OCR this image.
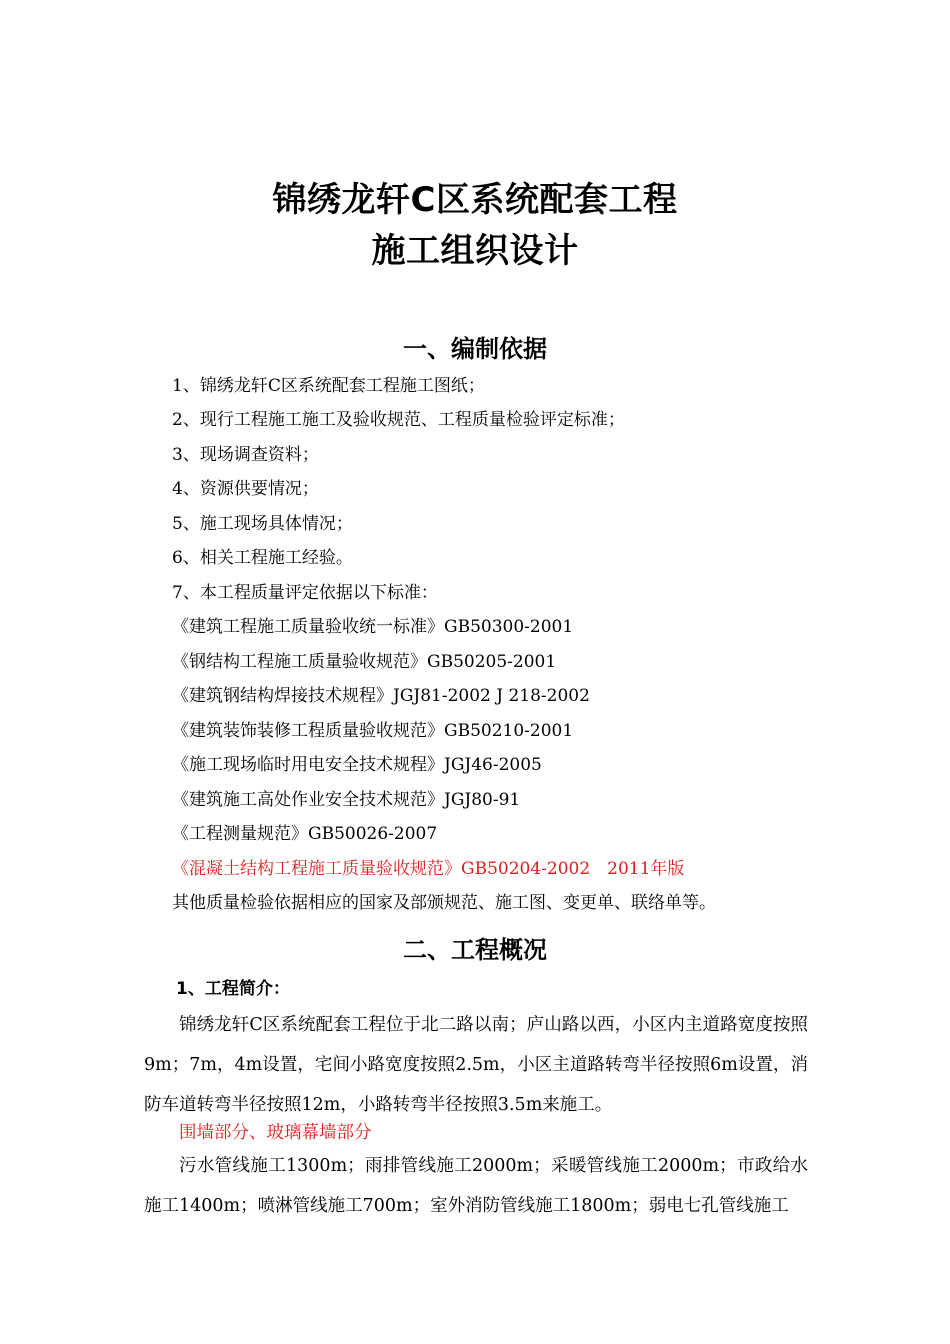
锦绣龙轩C区系统配套工程
施工组织设计
一、编制依据
1、锦绣龙轩C区系统配套工程施工图纸；
2、现行工程施工施工及验收规范、工程质量检验评定标准；
3、现场调查资料；
4、资源供要情况；
5、施工现场具体情况；
6、相关工程施工经验。
7、本工程质量评定依据以下标准：
《建筑工程施工质量验收统一标准》GB50300-2001
《钢结构工程施工质量验收规范》GB50205-2001
《建筑钢结构焊接技术规程》JGJ81-2002 J 218-2002
《建筑装饰装修工程质量验收规范》GB50210-2001
《施工现场临时用电安全技术规程》JGJ46-2005
《建筑施工高处作业安全技术规范》JGJ80-91
《工程测量规范》GB50026-2007
《混凝土结构工程施工质量验收规范》GB50204-2002　2011年版
其他质量检验依据相应的国家及部颁规范、施工图、变更单、联络单等。
二、工程概况
1、工程简介：
锦绣龙轩C区系统配套工程位于北二路以南；庐山路以西，小区内主道路宽度按照9m；7m，4m设置，宅间小路宽度按照2.5m，小区主道路转弯半径按照6m设置，消防车道转弯半径按照12m，小路转弯半径按照3.5m来施工。
围墙部分、玻璃幕墙部分
污水管线施工1300m；雨排管线施工2000m；采暖管线施工2000m；市政给水施工1400m；喷淋管线施工700m；室外消防管线施工1800m；弱电七孔管线施工
